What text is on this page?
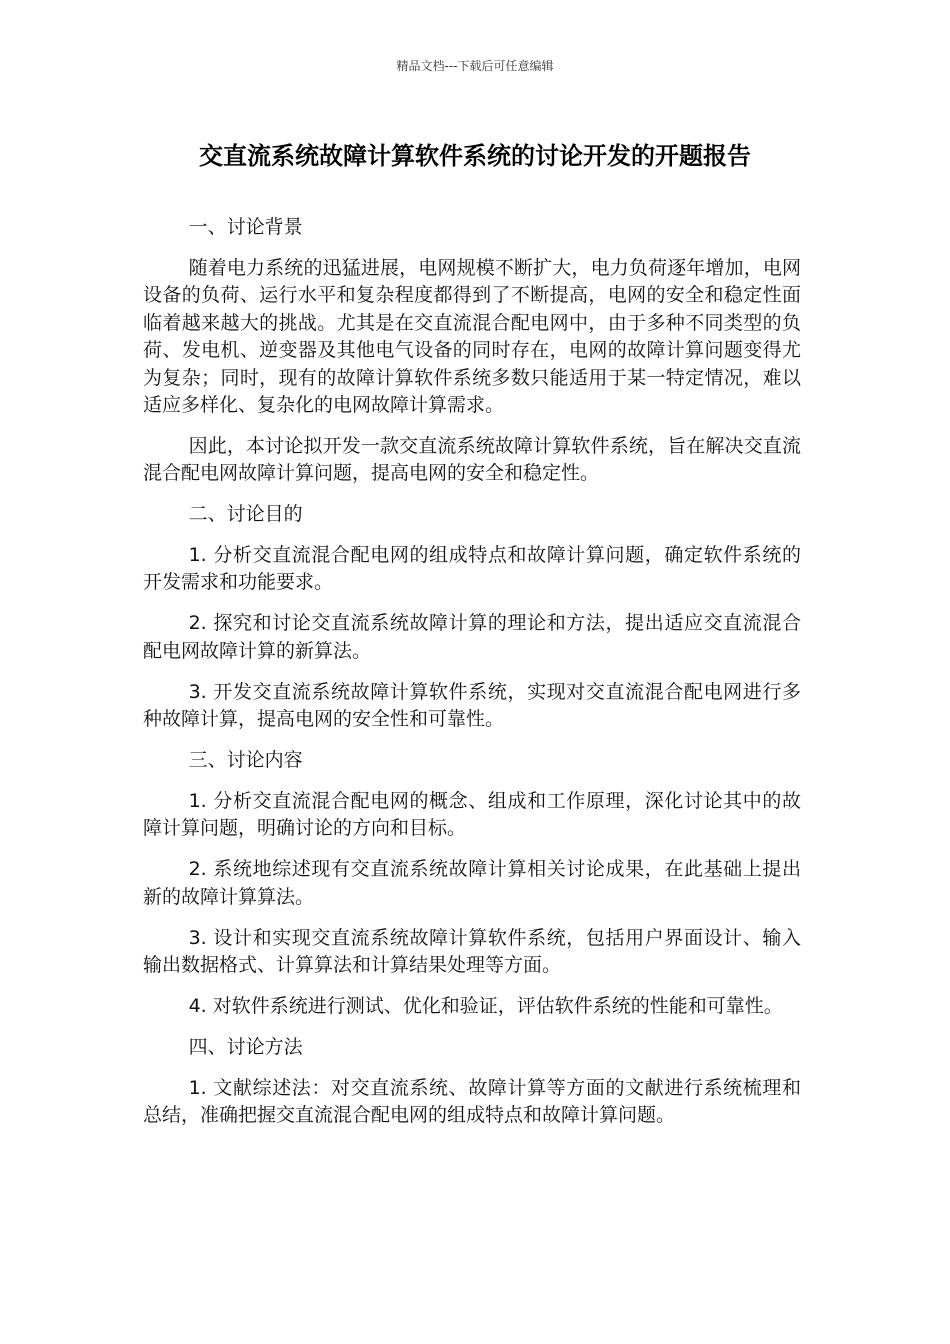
精品文档---下载后可任意编辑
交直流系统故障计算软件系统的讨论开发的开题报告

一、讨论背景

随着电力系统的迅猛进展，电网规模不断扩大，电力负荷逐年增加，电网设备的负荷、运行水平和复杂程度都得到了不断提高，电网的安全和稳定性面临着越来越大的挑战。尤其是在交直流混合配电网中，由于多种不同类型的负荷、发电机、逆变器及其他电气设备的同时存在，电网的故障计算问题变得尤为复杂；同时，现有的故障计算软件系统多数只能适用于某一特定情况，难以适应多样化、复杂化的电网故障计算需求。

因此，本讨论拟开发一款交直流系统故障计算软件系统，旨在解决交直流混合配电网故障计算问题，提高电网的安全和稳定性。

二、讨论目的

1. 分析交直流混合配电网的组成特点和故障计算问题，确定软件系统的开发需求和功能要求。

2. 探究和讨论交直流系统故障计算的理论和方法，提出适应交直流混合配电网故障计算的新算法。

3. 开发交直流系统故障计算软件系统，实现对交直流混合配电网进行多种故障计算，提高电网的安全性和可靠性。

三、讨论内容

1. 分析交直流混合配电网的概念、组成和工作原理，深化讨论其中的故障计算问题，明确讨论的方向和目标。

2. 系统地综述现有交直流系统故障计算相关讨论成果，在此基础上提出新的故障计算算法。

3. 设计和实现交直流系统故障计算软件系统，包括用户界面设计、输入输出数据格式、计算算法和计算结果处理等方面。

4. 对软件系统进行测试、优化和验证，评估软件系统的性能和可靠性。

四、讨论方法

1. 文献综述法：对交直流系统、故障计算等方面的文献进行系统梳理和总结，准确把握交直流混合配电网的组成特点和故障计算问题。
